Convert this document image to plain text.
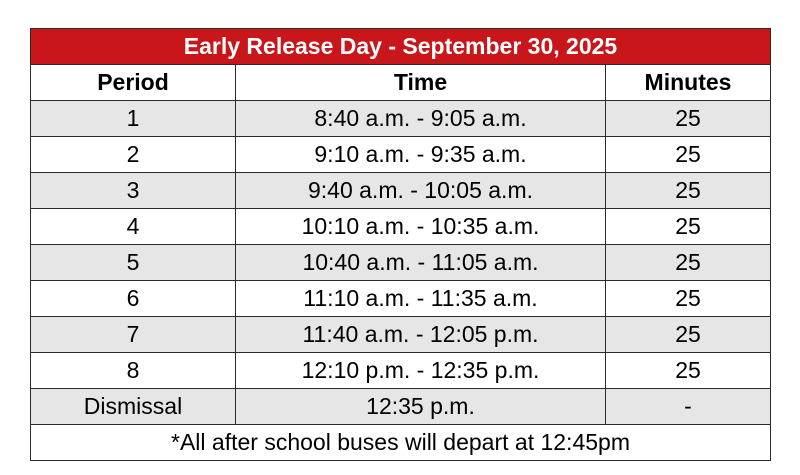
Early Release Day - September 30, 2025		
Period	Time	Minutes
1	8:40 a.m. - 9:05 a.m.	25
2	9:10 a.m. - 9:35 a.m.	25
3	9:40 a.m. - 10:05 a.m.	25
4	10:10 a.m. - 10:35 a.m.	25
5	10:40 a.m. - 11:05 a.m.	25
6	11:10 a.m. - 11:35 a.m.	25
7	11:40 a.m. - 12:05 p.m.	25
8	12:10 p.m. - 12:35 p.m.	25
Dismissal	12:35 p.m.	-
*All after school buses will depart at 12:45pm		
